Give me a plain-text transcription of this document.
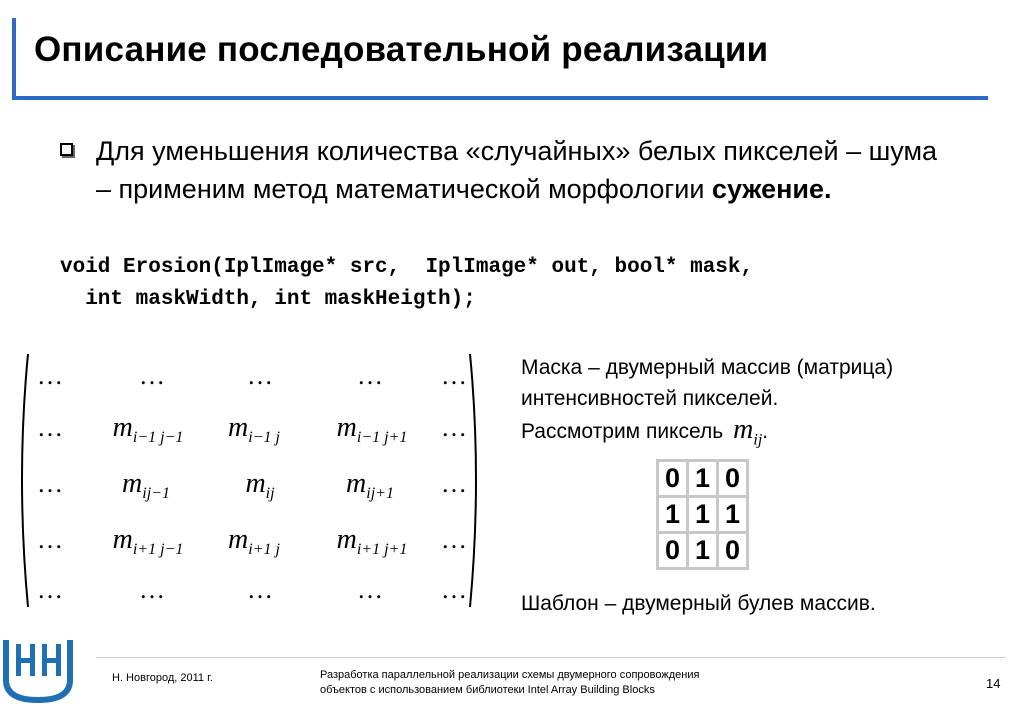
Описание последовательной реализации
Для уменьшения количества «случайных» белых пикселей – шума – применим метод математической морфологии сужение.
void Erosion(IplImage* src,  IplImage* out, bool* mask,
int maskWidth, int maskHeigth);
…	…	…	…	…
…	$m_{i-1 j-1}$	$m_{i-1 j}$	$m_{i-1 j+1}$	…
…	$m_{ij-1}$	$m_{ij}$	$m_{ij+1}$	…
…	$m_{i+1 j-1}$	$m_{i+1 j}$	$m_{i+1 j+1}$	…
…	…	…	…	…
Маска – двумерный массив (матрица)
интенсивностей пикселей.
Рассмотрим пиксель $m_{ij}$.
0	1	0
1	1	1
0	1	0
Шаблон – двумерный булев массив.
Н. Новгород, 2011 г.	Разработка параллельной реализации схемы двумерного сопровождения
объектов с использованием библиотеки Intel Array Building Blocks	14
